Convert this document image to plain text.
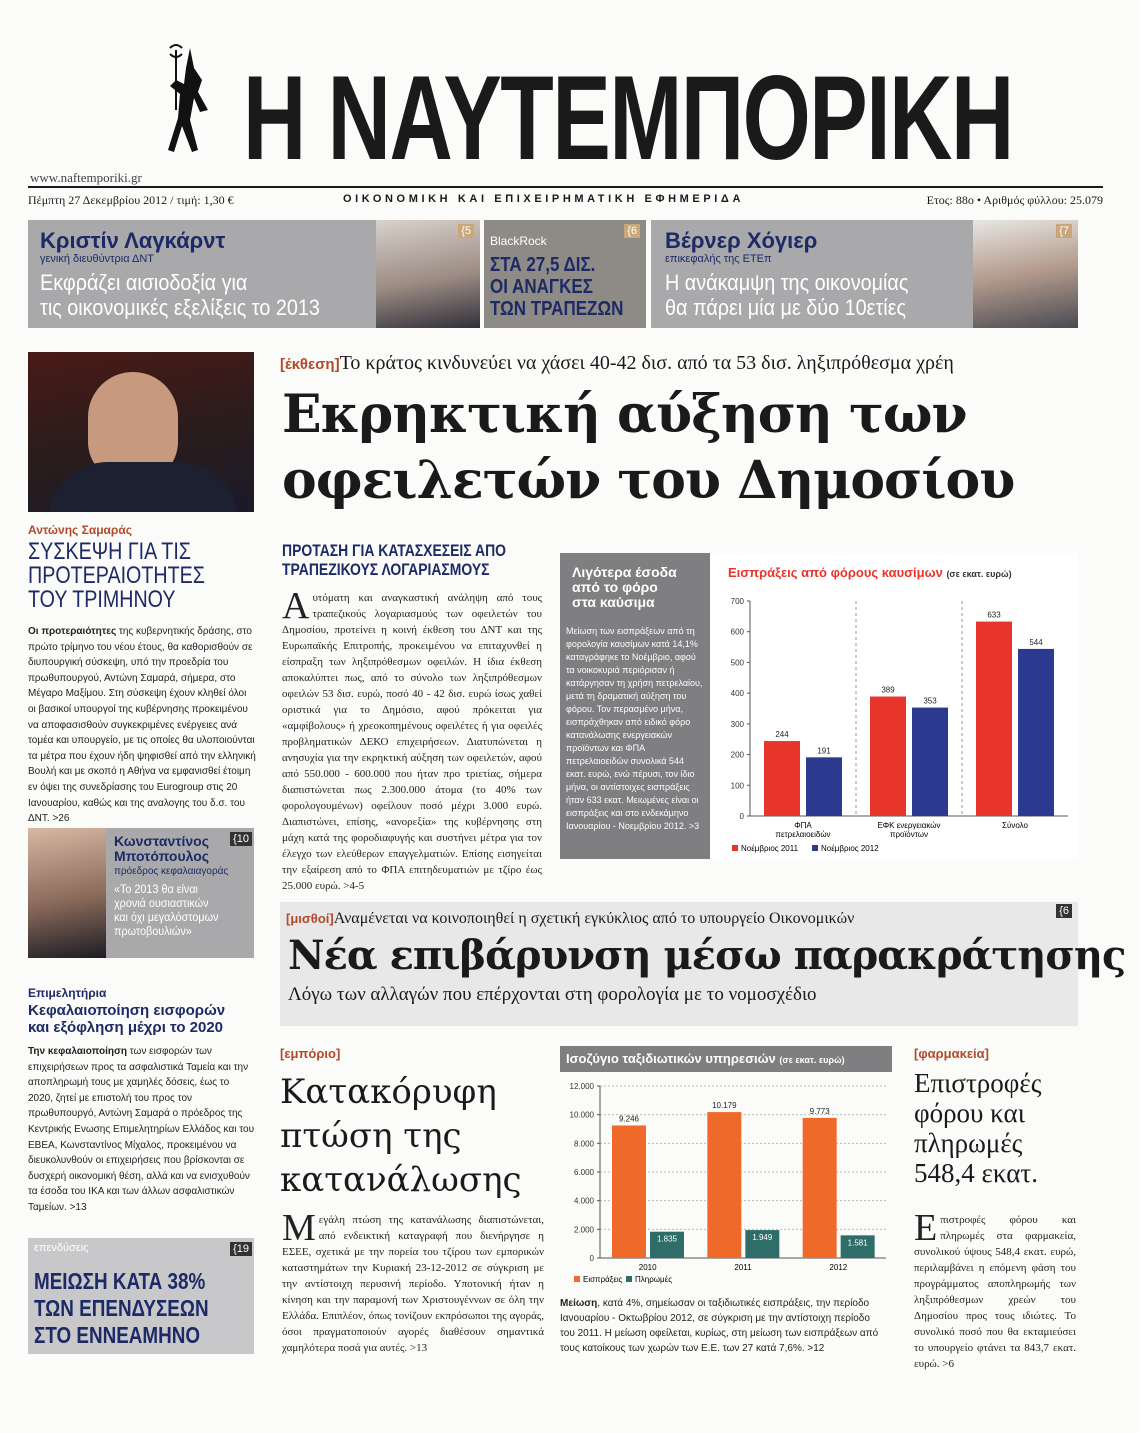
Η ΝΑΥΤΕΜΠΟΡΙΚΗ
www.naftemporiki.gr
Πέμπτη 27 Δεκεμβρίου 2012 / τιμή: 1,30 €	ΟΙΚΟΝΟΜΙΚΗ ΚΑΙ ΕΠΙΧΕΙΡΗΜΑΤΙΚΗ ΕΦΗΜΕΡΙΔΑ	Ετος: 88ο • Αριθμός φύλλου: 25.079
Κριστίν Λαγκάρντ
γενική διευθύντρια ΔΝΤ
Εκφράζει αισιοδοξία για
τις οικονομικές εξελίξεις το 2013
{5
BlackRock
ΣΤΑ 27,5 ΔΙΣ.
ΟΙ ΑΝΑΓΚΕΣ
ΤΩΝ ΤΡΑΠΕΖΩΝ
{6 Βέρνερ Χόγιερ
επικεφαλής της ΕΤΕπ
Η ανάκαμψη της οικονομίας
θα πάρει μία με δύο 10ετίες
{7
Αντώνης Σαμαράς
ΣΥΣΚΕΨΗ ΓΙΑ ΤΙΣ
ΠΡΟΤΕΡΑΙΟΤΗΤΕΣ
ΤΟΥ ΤΡΙΜΗΝΟΥ
Οι προτεραιότητες της κυβερνητικής δράσης, στο πρώτο τρίμηνο του νέου έτους, θα καθορισθούν σε διυπουργική σύσκεψη, υπό την προεδρία του πρωθυπουργού, Αντώνη Σαμαρά, σήμερα, στο Μέγαρο Μαξίμου. Στη σύσκεψη έχουν κληθεί όλοι οι βασικοί υπουργοί της κυβέρνησης προκειμένου να αποφασισθούν συγκεκριμένες ενέργειες ανά τομέα και υπουργείο, με τις οποίες θα υλοποιούνται τα μέτρα που έχουν ήδη ψηφισθεί από την ελληνική Βουλή και με σκοπό η Αθήνα να εμφανισθεί έτοιμη εν όψει της συνεδρίασης του Eurogroup στις 20 Ιανουαρίου, καθώς και της αναλογης του δ.σ. του ΔΝΤ. >26
Κωνσταντίνος
Μποτόπουλος
πρόεδρος κεφαλαιαγοράς
«Το 2013 θα είναι
χρονιά ουσιαστικών
και όχι μεγαλόστομων
πρωτοβουλιών»
{10
Επιμελητήρια
Κεφαλαιοποίηση εισφορών
και εξόφληση μέχρι το 2020
Την κεφαλαιοποίηση των εισφορών των επιχειρήσεων προς τα ασφαλιστικά Ταμεία και την αποπληρωμή τους με χαμηλές δόσεις, έως το 2020, ζητεί με επιστολή του προς τον πρωθυπουργό, Αντώνη Σαμαρά ο πρόεδρος της Κεντρικής Ενωσης Επιμελητηρίων Ελλάδος και του ΕΒΕΑ, Κωνσταντίνος Μίχαλος, προκειμένου να διευκολυνθούν οι επιχειρήσεις που βρίσκονται σε δυσχερή οικονομική θέση, αλλά και να ενισχυθούν τα έσοδα του ΙΚΑ και των άλλων ασφαλιστικών Ταμείων. >13
επενδύσεις	{19
ΜΕΙΩΣΗ ΚΑΤΑ 38%
ΤΩΝ ΕΠΕΝΔΥΣΕΩΝ
ΣΤΟ ΕΝΝΕΑΜΗΝΟ
[έκθεση]Το κράτος κινδυνεύει να χάσει 40-42 δισ. από τα 53 δισ. ληξιπρόθεσμα χρέη
Εκρηκτική αύξηση των
οφειλετών του Δημοσίου
ΠΡΟΤΑΣΗ ΓΙΑ ΚΑΤΑΣΧΕΣΕΙΣ ΑΠΟ
ΤΡΑΠΕΖΙΚΟΥΣ ΛΟΓΑΡΙΑΣΜΟΥΣ
Αυτόματη και αναγκαστική ανάληψη από τους τραπεζικούς λογαριασμούς των οφειλετών του Δημοσίου, προτείνει η κοινή έκθεση του ΔΝΤ και της Ευρωπαϊκής Επιτροπής, προκειμένου να επιταχυνθεί η είσπραξη των ληξιπρόθεσμων οφειλών. Η ίδια έκθεση αποκαλύπτει πως, από το σύνολο των ληξιπρόθεσμων οφειλών 53 δισ. ευρώ, ποσό 40 - 42 δισ. ευρώ ίσως χαθεί οριστικά για το Δημόσιο, αφού πρόκειται για «αμφίβολους» ή χρεοκοπημένους οφειλέτες ή για οφειλές προβληματικών ΔΕΚΟ επιχειρήσεων. Διατυπώνεται η ανησυχία για την εκρηκτική αύξηση των οφειλετών, αφού από 550.000 - 600.000 που ήταν προ τριετίας, σήμερα διαπιστώνεται πως 2.300.000 άτομα (το 40% των φορολογουμένων) οφείλουν ποσό μέχρι 3.000 ευρώ. Διαπιστώνει, επίσης, «ανορεξία» της κυβέρνησης στη μάχη κατά της φοροδιαφυγής και συστήνει μέτρα για τον έλεγχο των ελεύθερων επαγγελματιών. Επίσης εισηγείται την εξαίρεση από το ΦΠΑ επιτηδευματιών με τζίρο έως 25.000 ευρώ. >4-5
Λιγότερα έσοδα
από το φόρο
στα καύσιμα
Μείωση των εισπράξεων από τη φορολογία καυσίμων κατά 14,1% καταγράφηκε το Νοέμβριο, αφού τα νοικοκυριά περιόρισαν ή κατάργησαν τη χρήση πετρελαίου, μετά τη δραματική αύξηση του φόρου. Τον περασμένο μήνα, εισπράχθηκαν από ειδικό φόρο κατανάλωσης ενεργειακών προϊόντων και ΦΠΑ πετρελαιοειδών συνολικά 544 εκατ. ευρώ, ενώ πέρυσι, τον ίδιο μήνα, οι αντίστοιχες εισπράξεις ήταν 633 εκατ. Μειωμένες είναι οι εισπράξεις και στο ενδεκάμηνο Ιανουαρίου - Νοεμβρίου 2012. >3
Εισπράξεις από φόρους καυσίμων (σε εκατ. ευρώ)
0
100
200
300
400
500
600
700
244
191
ΦΠΑ
πετρελαιοειδών
389
353
ΕΦΚ ενεργειακών
προϊόντων
633
544
Σύνολο
Νοέμβριος 2011	Νοέμβριος 2012
[μισθοί]Αναμένεται να κοινοποιηθεί η σχετική εγκύκλιος από το υπουργείο Οικονομικών	{6
Νέα επιβάρυνση μέσω παρακράτησης
Λόγω των αλλαγών που επέρχονται στη φορολογία με το νομοσχέδιο
[εμπόριο]
Κατακόρυφη
πτώση της
κατανάλωσης
Μεγάλη πτώση της κατανάλωσης διαπιστώνεται, από ενδεικτική καταγραφή που διενήργησε η ΕΣΕΕ, σχετικά με την πορεία του τζίρου των εμπορικών καταστημάτων την Κυριακή 23-12-2012 σε σύγκριση με την αντίστοιχη περυσινή περίοδο. Υποτονική ήταν η κίνηση και την παραμονή των Χριστουγέννων σε όλη την Ελλάδα. Επιπλέον, όπως τονίζουν εκπρόσωποι της αγοράς, όσοι πραγματοποιούν αγορές διαθέσουν σημαντικά χαμηλότερα ποσά για αυτές. >13
Ισοζύγιο ταξιδιωτικών υπηρεσιών (σε εκατ. ευρώ)
0
2.000
4.000
6.000
8.000
10.000
12.000
9.246
1.835
2010
10.179
1.949
2011
9.773
1.581
2012
Εισπράξεις Πληρωμές
Μείωση, κατά 4%, σημείωσαν οι ταξιδιωτικές εισπράξεις, την περίοδο Ιανουαρίου - Οκτωβρίου 2012, σε σύγκριση με την αντίστοιχη περίοδο του 2011. Η μείωση οφείλεται, κυρίως, στη μείωση των εισπράξεων από τους κατοίκους των χωρών των Ε.Ε. των 27 κατά 7,6%. >12
[φαρμακεία]
Επιστροφές
φόρου και
πληρωμές
548,4 εκατ.
Επιστροφές φόρου και πληρωμές στα φαρμακεία, συνολικού ύψους 548,4 εκατ. ευρώ, περιλαμβάνει η επόμενη φάση του προγράμματος αποπληρωμής των ληξιπρόθεσμων χρεών του Δημοσίου προς τους ιδιώτες. Το συνολικό ποσό που θα εκταμιεύσει το υπουργείο φτάνει τα 843,7 εκατ. ευρώ. >6
